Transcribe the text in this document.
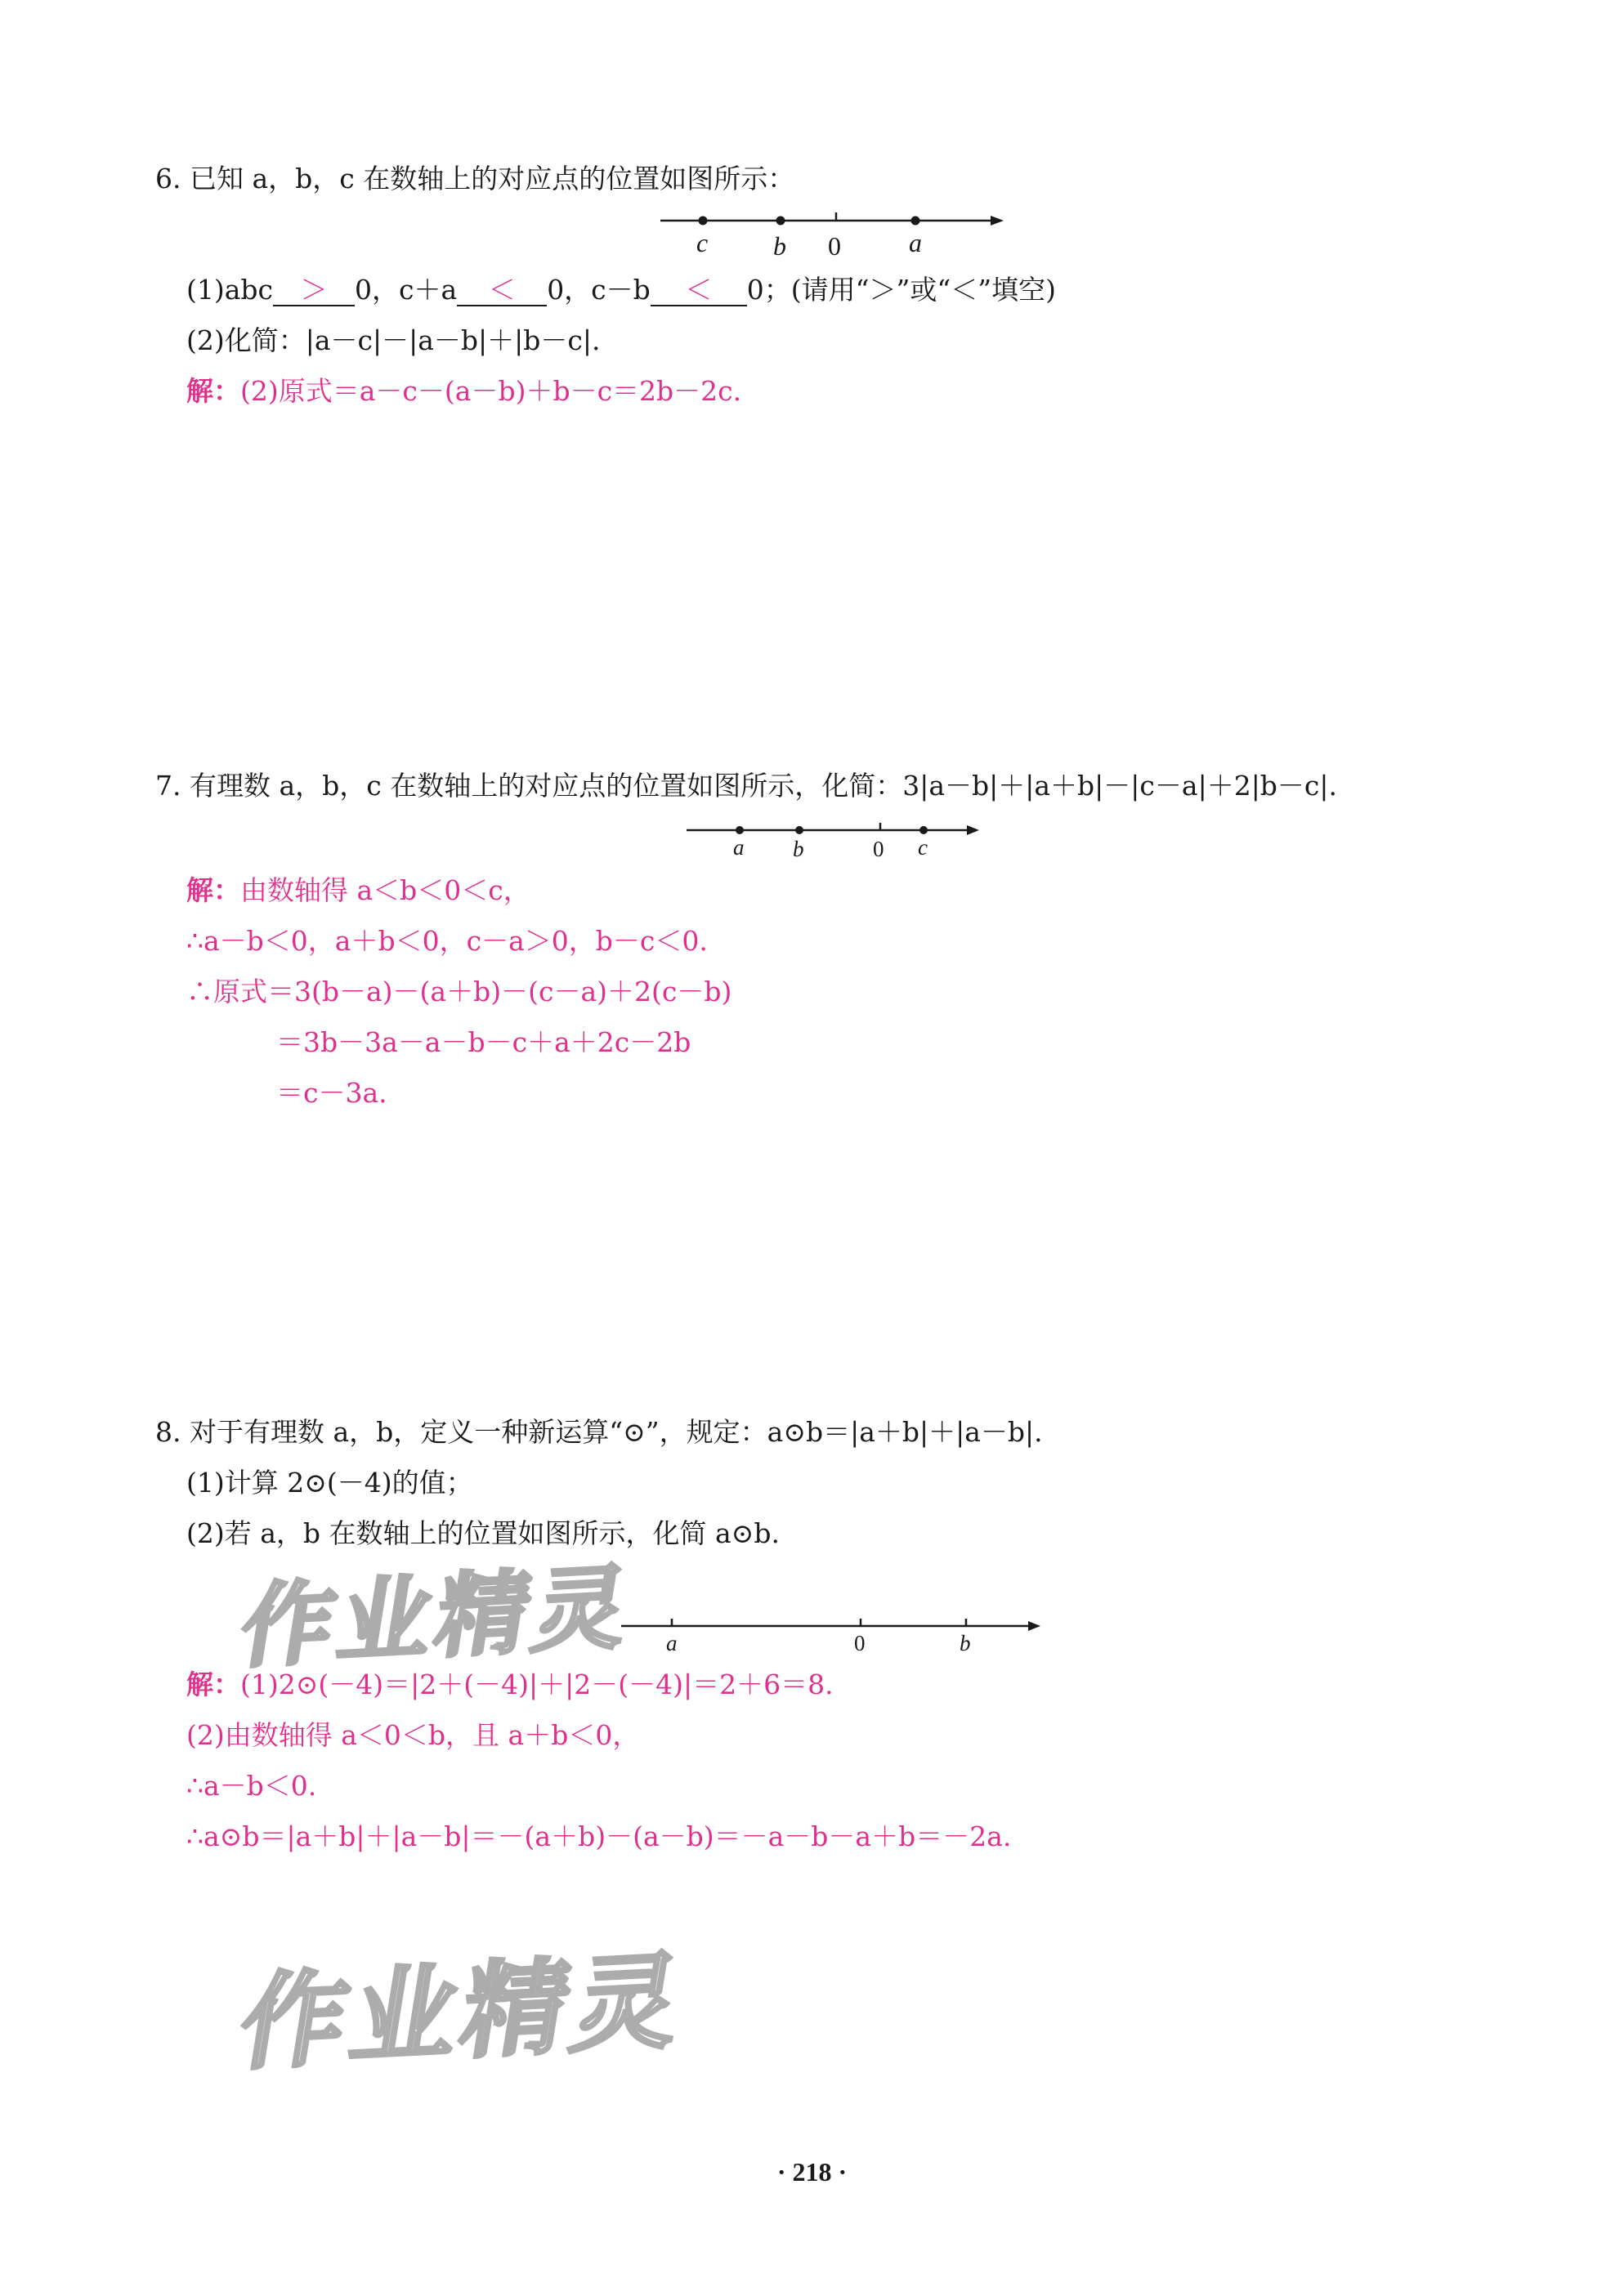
6. 已知 a，b，c 在数轴上的对应点的位置如图所示：
c b 0	a
a b	0 c
a	0	b
(1)abc ＞ 0，c＋a ＜ 0，c－b ＜ 0；(请用“＞”或“＜”填空)
(2)化简：|a－c|－|a－b|＋|b－c|.
解：(2)原式＝a－c－(a－b)＋b－c＝2b－2c.
7. 有理数 a，b，c 在数轴上的对应点的位置如图所示，化简：3|a－b|＋|a＋b|－|c－a|＋2|b－c|.
解：由数轴得 a＜b＜0＜c，
∴a－b＜0，a＋b＜0，c－a＞0，b－c＜0.
∴原式＝3(b－a)－(a＋b)－(c－a)＋2(c－b)
＝3b－3a－a－b－c＋a＋2c－2b
＝c－3a.
8. 对于有理数 a，b，定义一种新运算“⊙”，规定：a⊙b＝|a＋b|＋|a－b|.
(1)计算 2⊙(－4)的值；
(2)若 a，b 在数轴上的位置如图所示，化简 a⊙b.
解：(1)2⊙(－4)＝|2＋(－4)|＋|2－(－4)|＝2＋6＝8.
(2)由数轴得 a＜0＜b，且 a＋b＜0，
∴a－b＜0.
∴a⊙b＝|a＋b|＋|a－b|＝－(a＋b)－(a－b)＝－a－b－a＋b＝－2a.
作业精灵
作业精灵
· 218 ·
